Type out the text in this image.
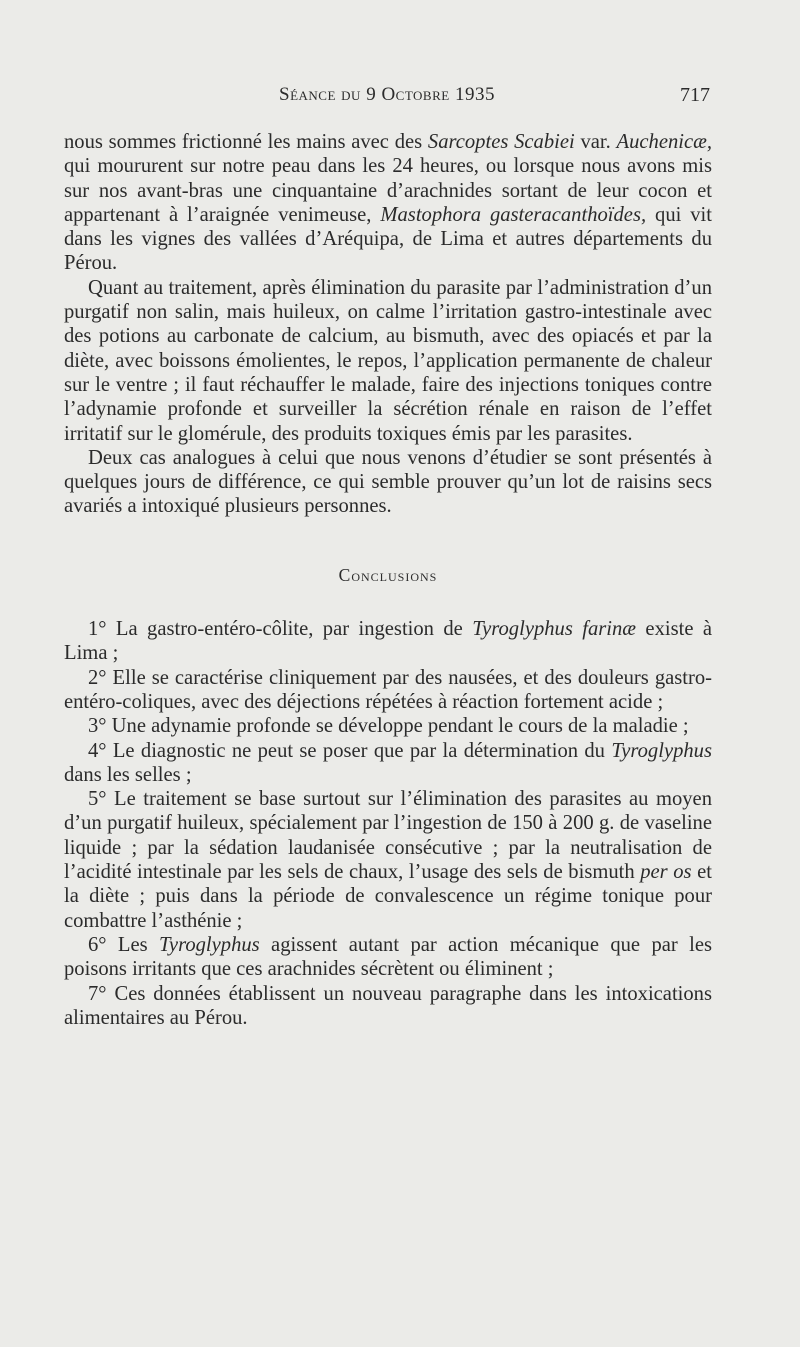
Séance du 9 Octobre 1935	717

nous sommes frictionné les mains avec des Sarcoptes Scabiei var. Auchenicæ, qui moururent sur notre peau dans les 24 heures, ou lorsque nous avons mis sur nos avant-bras une cinquantaine d’arachnides sortant de leur cocon et appartenant à l’araignée venimeuse, Mastophora gasteracanthoïdes, qui vit dans les vignes des vallées d’Aréquipa, de Lima et autres départements du Pérou.

Quant au traitement, après élimination du parasite par l’administration d’un purgatif non salin, mais huileux, on calme l’irritation gastro-intestinale avec des potions au carbonate de calcium, au bismuth, avec des opiacés et par la diète, avec boissons émolientes, le repos, l’application permanente de chaleur sur le ventre ; il faut réchauffer le malade, faire des injections toniques contre l’adynamie profonde et surveiller la sécrétion rénale en raison de l’effet irritatif sur le glomérule, des produits toxiques émis par les parasites.

Deux cas analogues à celui que nous venons d’étudier se sont présentés à quelques jours de différence, ce qui semble prouver qu’un lot de raisins secs avariés a intoxiqué plusieurs personnes.

Conclusions

1° La gastro-entéro-côlite, par ingestion de Tyroglyphus farinæ existe à Lima ;

2° Elle se caractérise cliniquement par des nausées, et des douleurs gastro-entéro-coliques, avec des déjections répétées à réaction fortement acide ;

3° Une adynamie profonde se développe pendant le cours de la maladie ;

4° Le diagnostic ne peut se poser que par la détermination du Tyroglyphus dans les selles ;

5° Le traitement se base surtout sur l’élimination des parasites au moyen d’un purgatif huileux, spécialement par l’ingestion de 150 à 200 g. de vaseline liquide ; par la sédation laudanisée consécutive ; par la neutralisation de l’acidité intestinale par les sels de chaux, l’usage des sels de bismuth per os et la diète ; puis dans la période de convalescence un régime tonique pour combattre l’asthénie ;

6° Les Tyroglyphus agissent autant par action mécanique que par les poisons irritants que ces arachnides sécrètent ou éliminent ;

7° Ces données établissent un nouveau paragraphe dans les intoxications alimentaires au Pérou.
